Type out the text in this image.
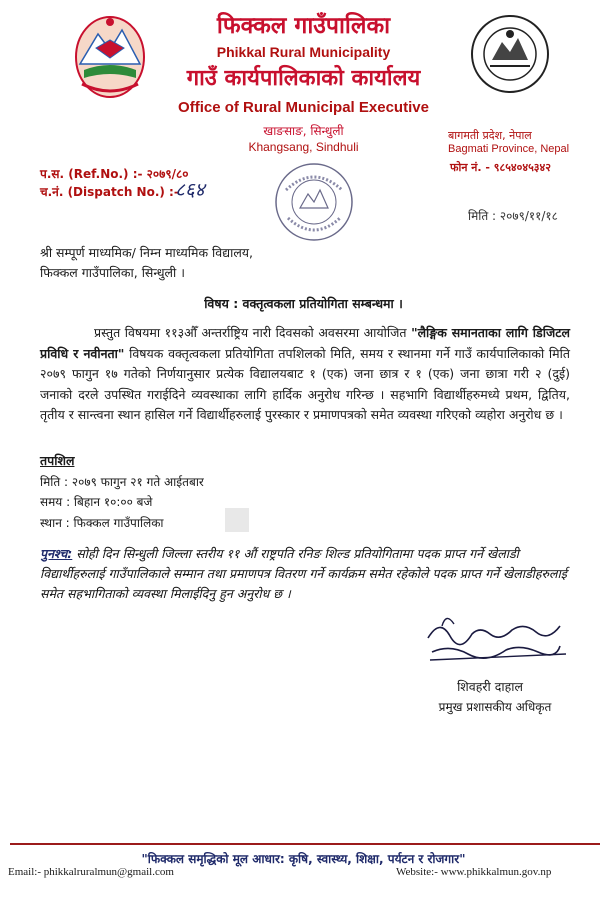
फिक्कल गाउँपालिका
Phikkal Rural Municipality
गाउँ कार्यपालिकाको कार्यालय
Office of Rural Municipal Executive
खाङसाङ, सिन्धुली
Khangsang, Sindhuli
बागमती प्रदेश, नेपाल
Bagmati Province, Nepal
फोन नं. - ९८५४०४५३४२
प.स. (Ref.No.) :- २०७९/८०
च.नं. (Dispatch No.) :-
८६४
मिति : २०७९/११/१८
श्री सम्पूर्ण माध्यमिक/ निम्न माध्यमिक विद्यालय,
फिक्कल गाउँपालिका, सिन्धुली ।
विषय : वक्तृत्वकला प्रतियोगिता सम्बन्धमा ।
प्रस्तुत विषयमा ११३औँ अन्तर्राष्ट्रिय नारी दिवसको अवसरमा आयोजित "लैङ्गिक समानताका लागि डिजिटल प्रविधि र नवीनता" विषयक वक्तृत्वकला प्रतियोगिता तपशिलको मिति, समय र स्थानमा गर्ने गाउँ कार्यपालिकाको मिति २०७९ फागुन १७ गतेको निर्णयानुसार प्रत्येक विद्यालयबाट १ (एक) जना छात्र र १ (एक) जना छात्रा गरी २ (दुई) जनाको दरले उपस्थित गराईदिने व्यवस्थाका लागि हार्दिक अनुरोध गरिन्छ । सहभागि विद्यार्थीहरुमध्ये प्रथम, द्वितिय, तृतीय र सान्त्वना स्थान हासिल गर्ने विद्यार्थीहरुलाई पुरस्कार र प्रमाणपत्रको समेत व्यवस्था गरिएको व्यहोरा अनुरोध छ ।
तपशिल
मिति : २०७९ फागुन २१ गते आईतबार
समय : बिहान १०:०० बजे
स्थान : फिक्कल गाउँपालिका
पुनश्च: सोही दिन सिन्धुली जिल्ला स्तरीय ११ औं राष्ट्रपति रनिङ शिल्ड प्रतियोगितामा पदक प्राप्त गर्ने खेलाडी विद्यार्थीहरुलाई गाउँपालिकाले सम्मान तथा प्रमाणपत्र वितरण गर्ने कार्यक्रम समेत रहेकोले पदक प्राप्त गर्ने खेलाडीहरुलाई समेत सहभागिताको व्यवस्था मिलाईदिनु हुन अनुरोध छ ।
शिवहरी दाहाल
प्रमुख प्रशासकीय अधिकृत
"फिक्कल समृद्धिको मूल आधार: कृषि, स्वास्थ्य, शिक्षा, पर्यटन र रोजगार"
Email:- phikkalruralmun@gmail.com	Website:- www.phikkalmun.gov.np
